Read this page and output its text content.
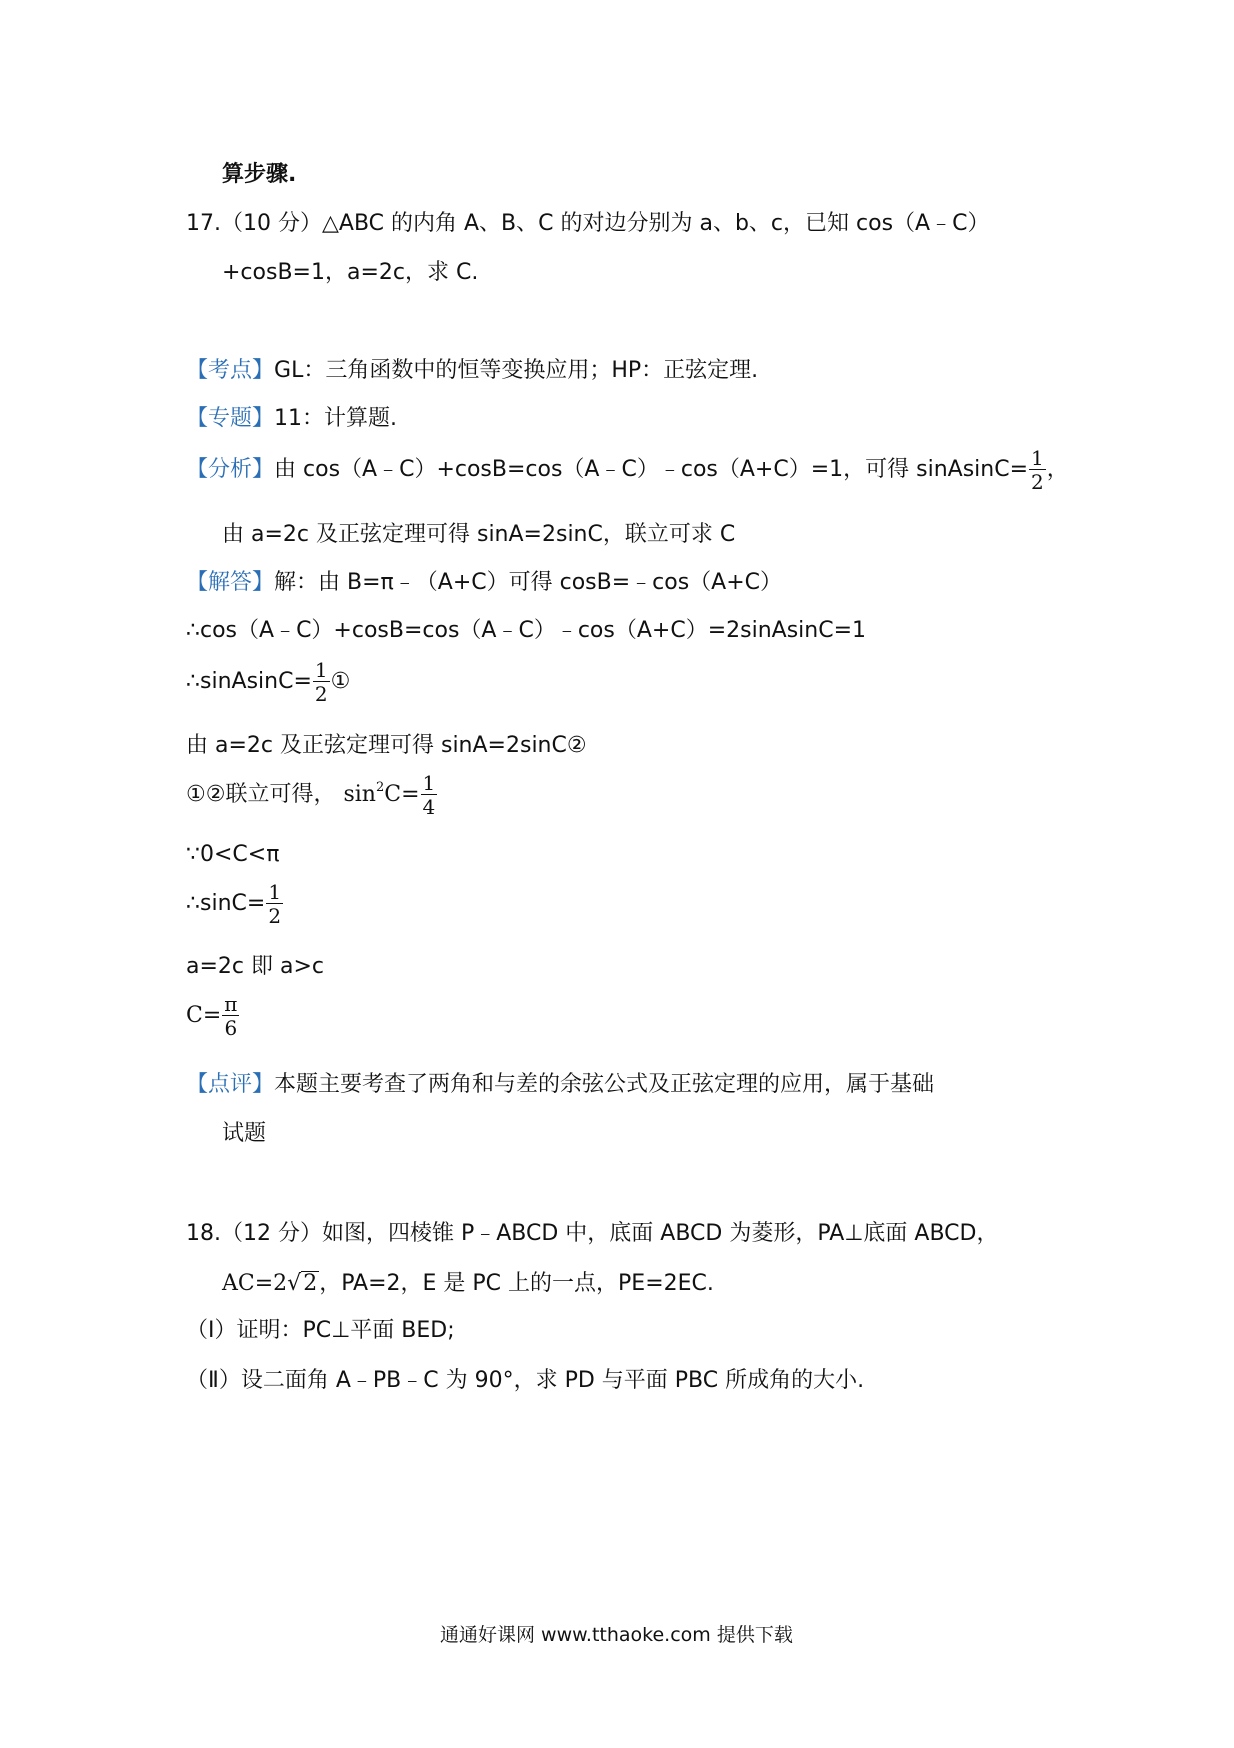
算步骤.
17.（10 分）△ABC 的内角 A、B、C 的对边分别为 a、b、c，已知 cos（A﹣C）
+cosB=1，a=2c，求 C.
【考点】GL：三角函数中的恒等变换应用；HP：正弦定理.
【专题】11：计算题.
【分析】由 cos（A﹣C）+cosB=cos（A﹣C）﹣cos（A+C）=1，可得 sinAsinC= $\frac{1}{2}$ ，
由 a=2c 及正弦定理可得 sinA=2sinC，联立可求 C
【解答】解：由 B=π﹣（A+C）可得 cosB=﹣cos（A+C）
∴cos（A﹣C）+cosB=cos（A﹣C）﹣cos（A+C）=2sinAsinC=1
∴sinAsinC= $\frac{1}{2}$ ①
由 a=2c 及正弦定理可得 sinA=2sinC②
①②联立可得， $\sin^2C= \frac{1}{4}$
∵0<C<π
∴sinC= $\frac{1}{2}$
a=2c 即 a>c
$C= \frac{\pi}{6}$
【点评】本题主要考查了两角和与差的余弦公式及正弦定理的应用，属于基础
试题
18.（12 分）如图，四棱锥 P﹣ABCD 中，底面 ABCD 为菱形，PA⊥底面 ABCD，
AC=2√2，PA=2，E 是 PC 上的一点，PE=2EC.
（Ⅰ）证明：PC⊥平面 BED;
（Ⅱ）设二面角 A﹣PB﹣C 为 90°，求 PD 与平面 PBC 所成角的大小.
通通好课网 www.tthaoke.com 提供下载
